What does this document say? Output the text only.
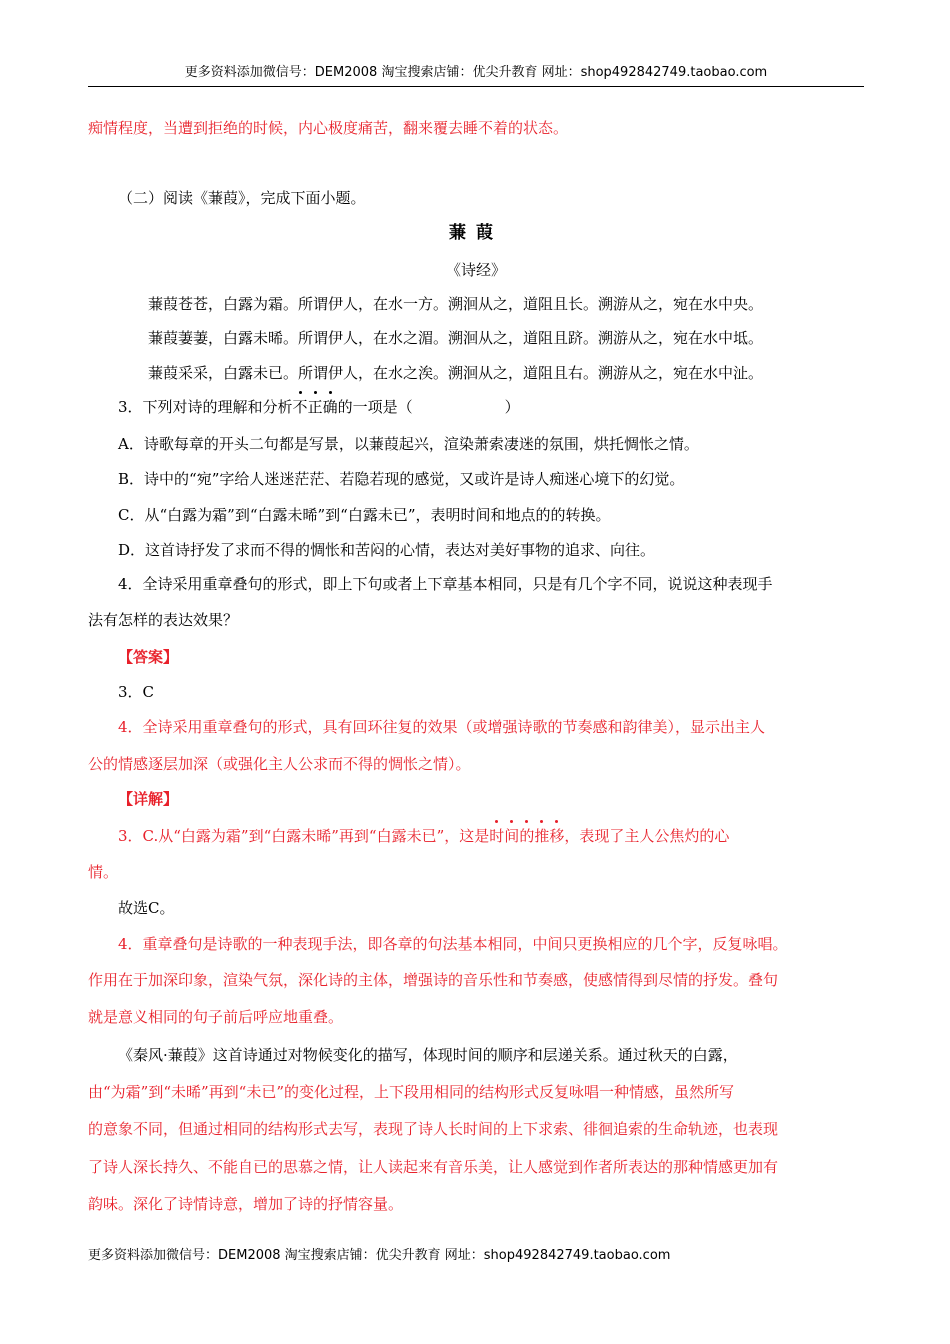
更多资料添加微信号：DEM2008 淘宝搜索店铺：优尖升教育 网址：shop492842749.taobao.com
痴情程度，当遭到拒绝的时候，内心极度痛苦，翻来覆去睡不着的状态。
（二）阅读《蒹葭》，完成下面小题。
蒹葭
《诗经》
蒹葭苍苍，白露为霜。所谓伊人，在水一方。溯洄从之，道阻且长。溯游从之，宛在水中央。
蒹葭萋萋，白露未晞。所谓伊人，在水之湄。溯洄从之，道阻且跻。溯游从之，宛在水中坻。
蒹葭采采，白露未已。所谓伊人，在水之涘。溯洄从之，道阻且右。溯游从之，宛在水中沚。
3．下列对诗的理解和分析不正确的一项是（	）
A．诗歌每章的开头二句都是写景，以蒹葭起兴，渲染萧索凄迷的氛围，烘托惆怅之情。
B．诗中的“宛”字给人迷迷茫茫、若隐若现的感觉，又或许是诗人痴迷心境下的幻觉。
C．从“白露为霜”到“白露未晞”到“白露未已”，表明时间和地点的的转换。
D．这首诗抒发了求而不得的惆怅和苦闷的心情，表达对美好事物的追求、向往。
4．全诗采用重章叠句的形式，即上下句或者上下章基本相同，只是有几个字不同，说说这种表现手
法有怎样的表达效果？
【答案】
3．C
4．全诗采用重章叠句的形式，具有回环往复的效果（或增强诗歌的节奏感和韵律美），显示出主人
公的情感逐层加深（或强化主人公求而不得的惆怅之情）。
【详解】
3．C.从“白露为霜”到“白露未晞”再到“白露未已”，这是时间的推移，表现了主人公焦灼的心
情。
故选C。
4．重章叠句是诗歌的一种表现手法，即各章的句法基本相同，中间只更换相应的几个字，反复咏唱。
作用在于加深印象，渲染气氛，深化诗的主体，增强诗的音乐性和节奏感，使感情得到尽情的抒发。叠句
就是意义相同的句子前后呼应地重叠。
《秦风·蒹葭》这首诗通过对物候变化的描写，体现时间的顺序和层递关系。通过秋天的白露，
由“为霜”到“未晞”再到“未已”的变化过程，上下段用相同的结构形式反复咏唱一种情感，虽然所写
的意象不同，但通过相同的结构形式去写，表现了诗人长时间的上下求索、徘徊追索的生命轨迹，也表现
了诗人深长持久、不能自已的思慕之情，让人读起来有音乐美，让人感觉到作者所表达的那种情感更加有
韵味。深化了诗情诗意，增加了诗的抒情容量。
更多资料添加微信号：DEM2008 淘宝搜索店铺：优尖升教育 网址：shop492842749.taobao.com
